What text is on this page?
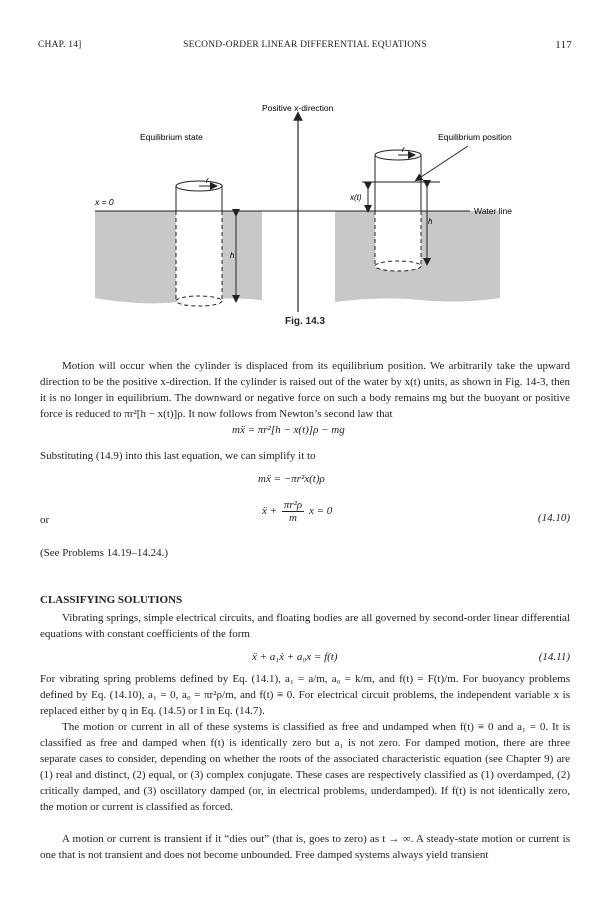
CHAP. 14]	SECOND-ORDER LINEAR DIFFERENTIAL EQUATIONS	117
r
h
r
x(t)
h
Positive x-direction
Equilibrium state	Equilibrium position
x = 0
Water line
Fig. 14.3
Motion will occur when the cylinder is displaced from its equilibrium position. We arbitrarily take the upward direction to be the positive x-direction. If the cylinder is raised out of the water by x(t) units, as shown in Fig. 14-3, then it is no longer in equilibrium. The downward or negative force on such a body remains mg but the buoyant or positive force is reduced to πr²[h − x(t)]ρ. It now follows from Newton’s second law that
mẍ = πr²[h − x(t)]ρ − mg
Substituting (14.9) into this last equation, we can simplify it to
mẍ = −πr²x(t)ρ
or
ẍ + $\frac{\text{πr²ρ}}{m}$ x = 0
(14.10)
(See Problems 14.19–14.24.)
CLASSIFYING SOLUTIONS
Vibrating springs, simple electrical circuits, and floating bodies are all governed by second-order linear differential equations with constant coefficients of the form
ẍ + a₁ẋ + a₀x = f(t)	(14.11)
For vibrating spring problems defined by Eq. (14.1), a₁ = a/m, a₀ = k/m, and f(t) = F(t)/m. For buoyancy problems defined by Eq. (14.10), a₁ = 0, a₀ = πr²ρ/m, and f(t) ≡ 0. For electrical circuit problems, the independent variable x is replaced either by q in Eq. (14.5) or I in Eq. (14.7).
The motion or current in all of these systems is classified as free and undamped when f(t) ≡ 0 and a₁ = 0. It is classified as free and damped when f(t) is identically zero but a₁ is not zero. For damped motion, there are three separate cases to consider, depending on whether the roots of the associated characteristic equation (see Chapter 9) are (1) real and distinct, (2) equal, or (3) complex conjugate. These cases are respectively classified as (1) overdamped, (2) critically damped, and (3) oscillatory damped (or, in electrical problems, underdamped). If f(t) is not identically zero, the motion or current is classified as forced.
A motion or current is transient if it “dies out” (that is, goes to zero) as t → ∞. A steady-state motion or current is one that is not transient and does not become unbounded. Free damped systems always yield transient
